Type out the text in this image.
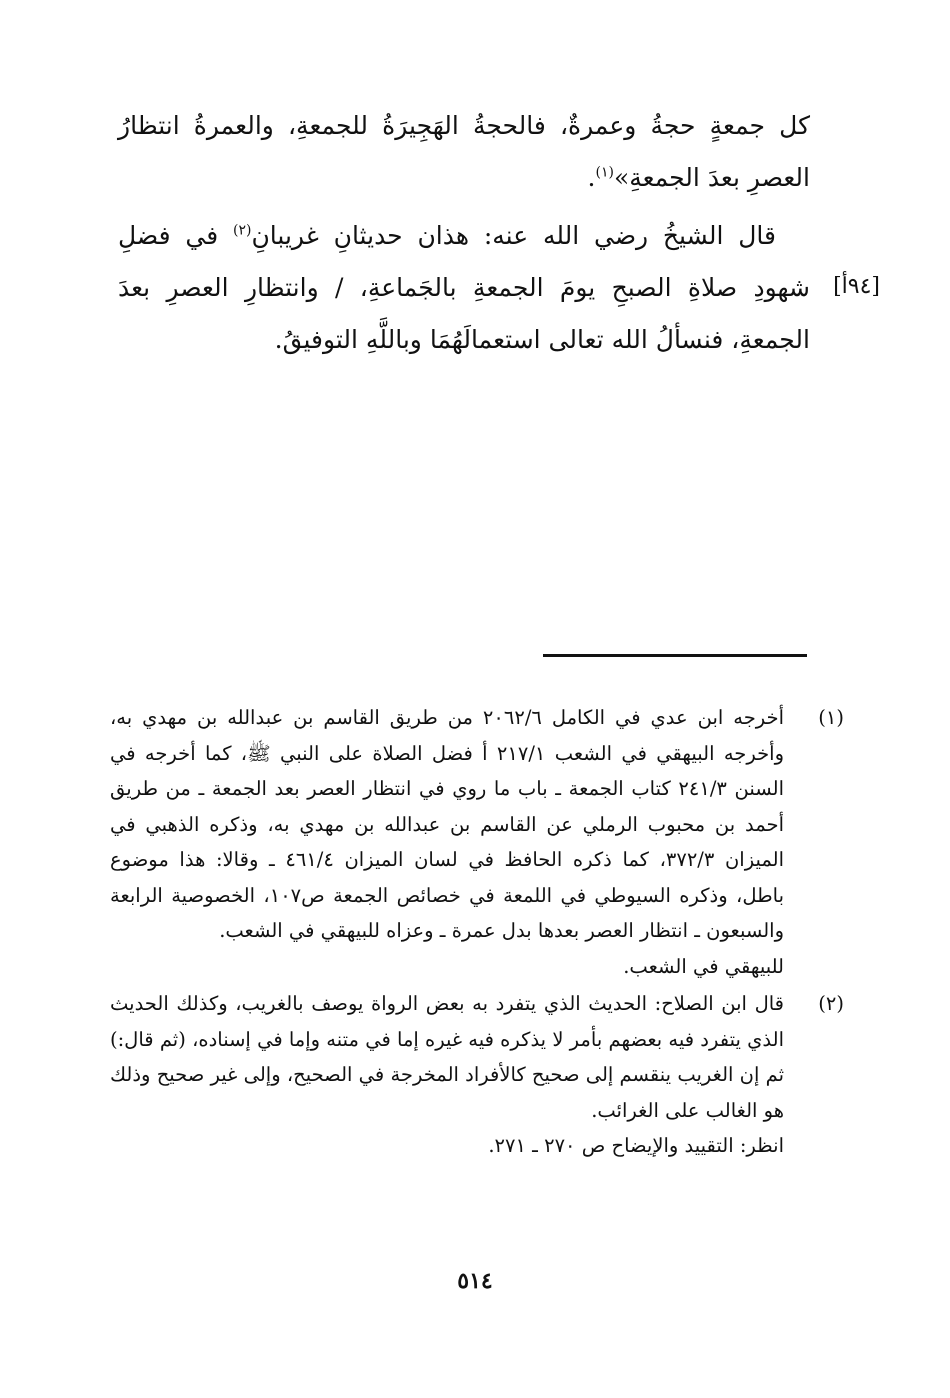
كل جمعةٍ حجةُ وعمرةٌ، فالحجةُ الهَجِيرَةُ للجمعةِ، والعمرةُ انتظارُ العصرِ بعدَ الجمعةِ»$^{(١)}$.

قال الشيخُ رضي الله عنه: هذان حديثانِ غريبانِ$^{(٢)}$ في فضلِ شهودِ صلاةِ الصبحِ يومَ الجمعةِ بالجَماعةِ، / وانتظارِ العصرِ بعدَ الجمعةِ، فنسألُ الله تعالى استعمالَهُمَا وباللَّهِ التوفيقُ.

[٩٤أ]
(١)
أخرجه ابن عدي في الكامل ٢٠٦٢/٦ من طريق القاسم بن عبدالله بن مهدي به، وأخرجه البيهقي في الشعب ٢١٧/١ أ فضل الصلاة على النبي ﷺ، كما أخرجه في السنن ٢٤١/٣ كتاب الجمعة ـ باب ما روي في انتظار العصر بعد الجمعة ـ من طريق أحمد بن محبوب الرملي عن القاسم بن عبدالله بن مهدي به، وذكره الذهبي في الميزان ٣٧٢/٣، كما ذكره الحافظ في لسان الميزان ٤٦١/٤ ـ وقالا: هذا موضوع باطل، وذكره السيوطي في اللمعة في خصائص الجمعة ص١٠٧، الخصوصية الرابعة والسبعون ـ انتظار العصر بعدها بدل عمرة ـ وعزاه للبيهقي في الشعب.
للبيهقي في الشعب.
(٢)
قال ابن الصلاح: الحديث الذي يتفرد به بعض الرواة يوصف بالغريب، وكذلك الحديث الذي يتفرد فيه بعضهم بأمر لا يذكره فيه غيره إما في متنه وإما في إسناده، (ثم قال:) ثم إن الغريب ينقسم إلى صحيح كالأفراد المخرجة في الصحيح، وإلى غير صحيح وذلك هو الغالب على الغرائب.
انظر: التقييد والإيضاح ص ٢٧٠ ـ ٢٧١.
٥١٤
